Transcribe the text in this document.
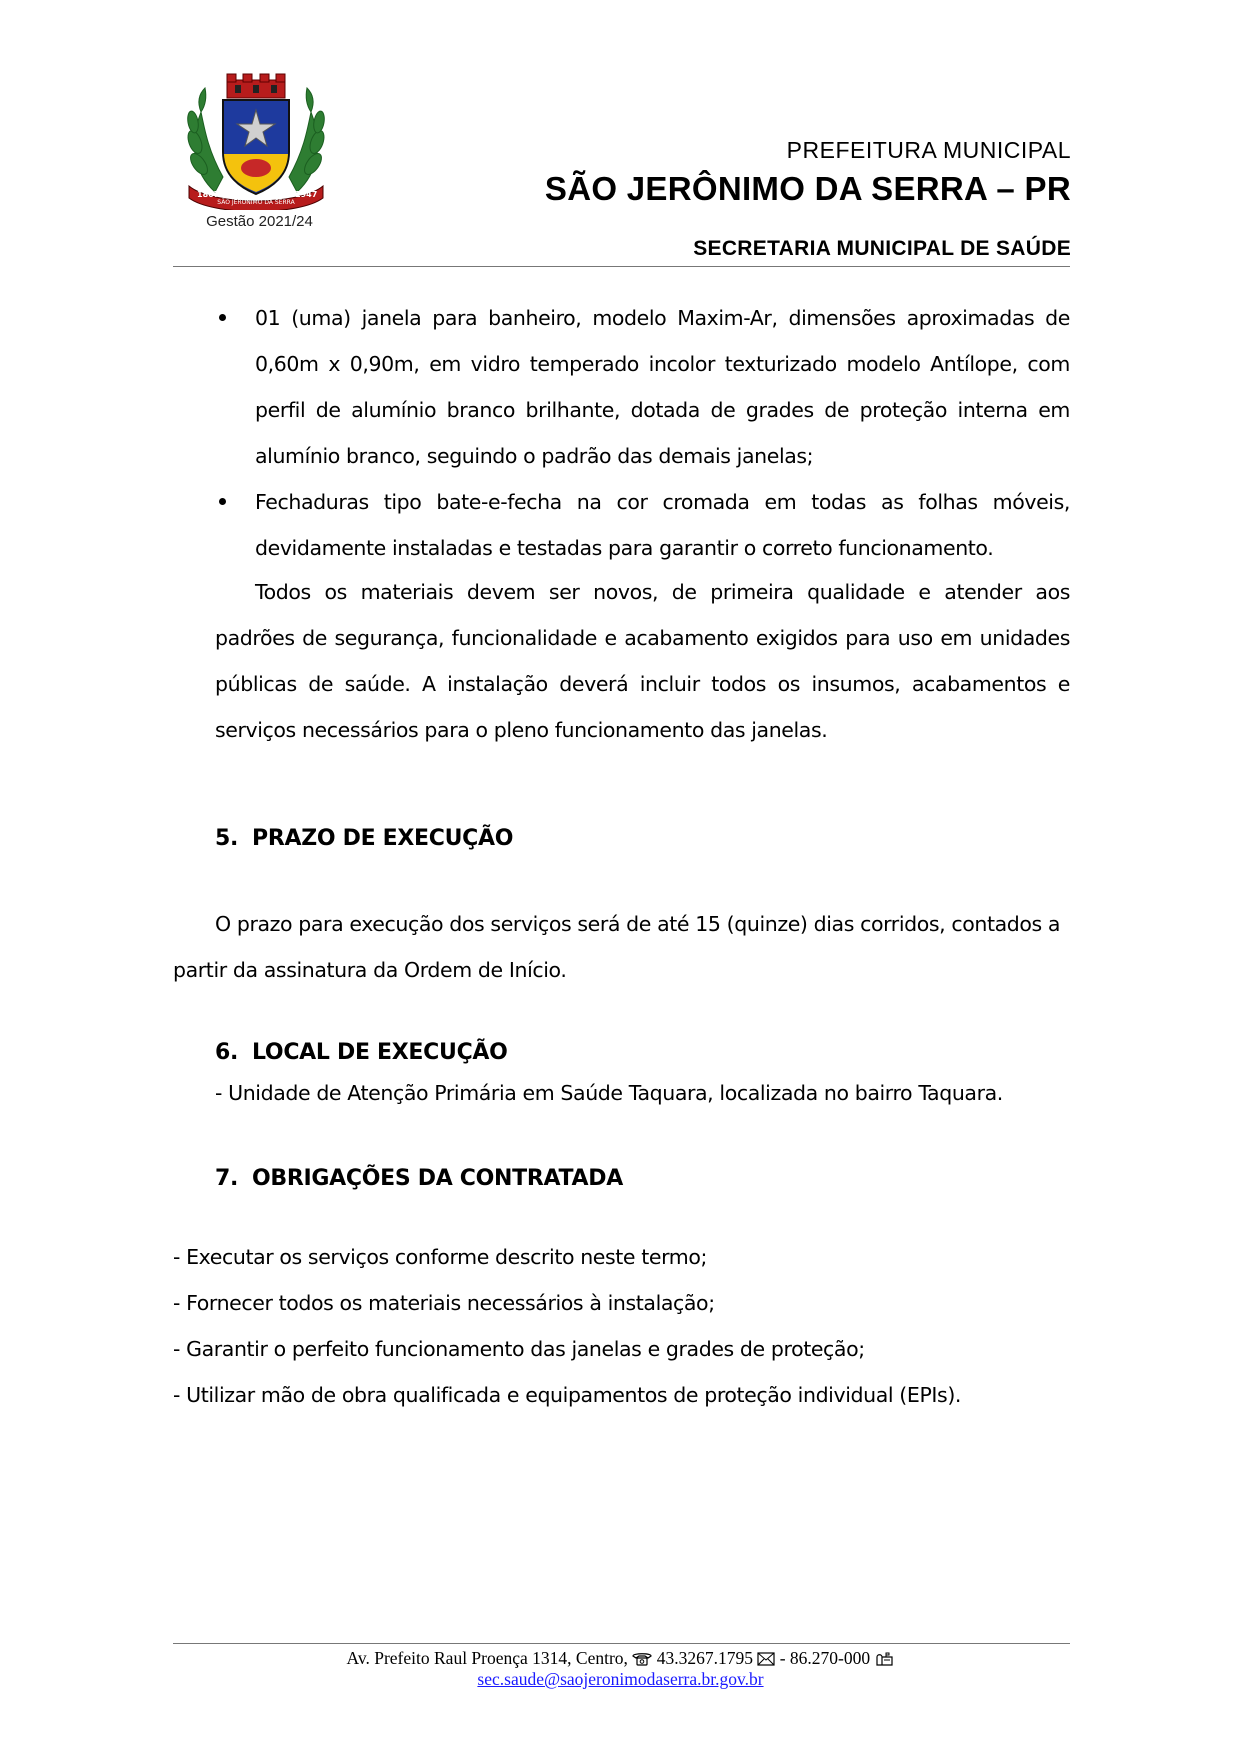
1867
SÃO JERÔNIMO DA SERRA
1947
Gestão 2021/24
PREFEITURA MUNICIPAL
SÃO JERÔNIMO DA SERRA – PR
SECRETARIA MUNICIPAL DE SAÚDE
01 (uma) janela para banheiro, modelo Maxim-Ar, dimensões aproximadas de 0,60m x 0,90m, em vidro temperado incolor texturizado modelo Antílope, com perfil de alumínio branco brilhante, dotada de grades de proteção interna em alumínio branco, seguindo o padrão das demais janelas;
Fechaduras tipo bate-e-fecha na cor cromada em todas as folhas móveis, devidamente instaladas e testadas para garantir o correto funcionamento.

Todos os materiais devem ser novos, de primeira qualidade e atender aos padrões de segurança, funcionalidade e acabamento exigidos para uso em unidades públicas de saúde. A instalação deverá incluir todos os insumos, acabamentos e serviços necessários para o pleno funcionamento das janelas.

5. PRAZO DE EXECUÇÃO

O prazo para execução dos serviços será de até 15 (quinze) dias corridos, contados a partir da assinatura da Ordem de Início.

6. LOCAL DE EXECUÇÃO

- Unidade de Atenção Primária em Saúde Taquara, localizada no bairro Taquara.

7. OBRIGAÇÕES DA CONTRATADA
- Executar os serviços conforme descrito neste termo;
- Fornecer todos os materiais necessários à instalação;
- Garantir o perfeito funcionamento das janelas e grades de proteção;
- Utilizar mão de obra qualificada e equipamentos de proteção individual (EPIs).
Av. Prefeito Raul Proença 1314, Centro, 43.3267.1795 - 86.270-000
sec.saude@saojeronimodaserra.br.gov.br
